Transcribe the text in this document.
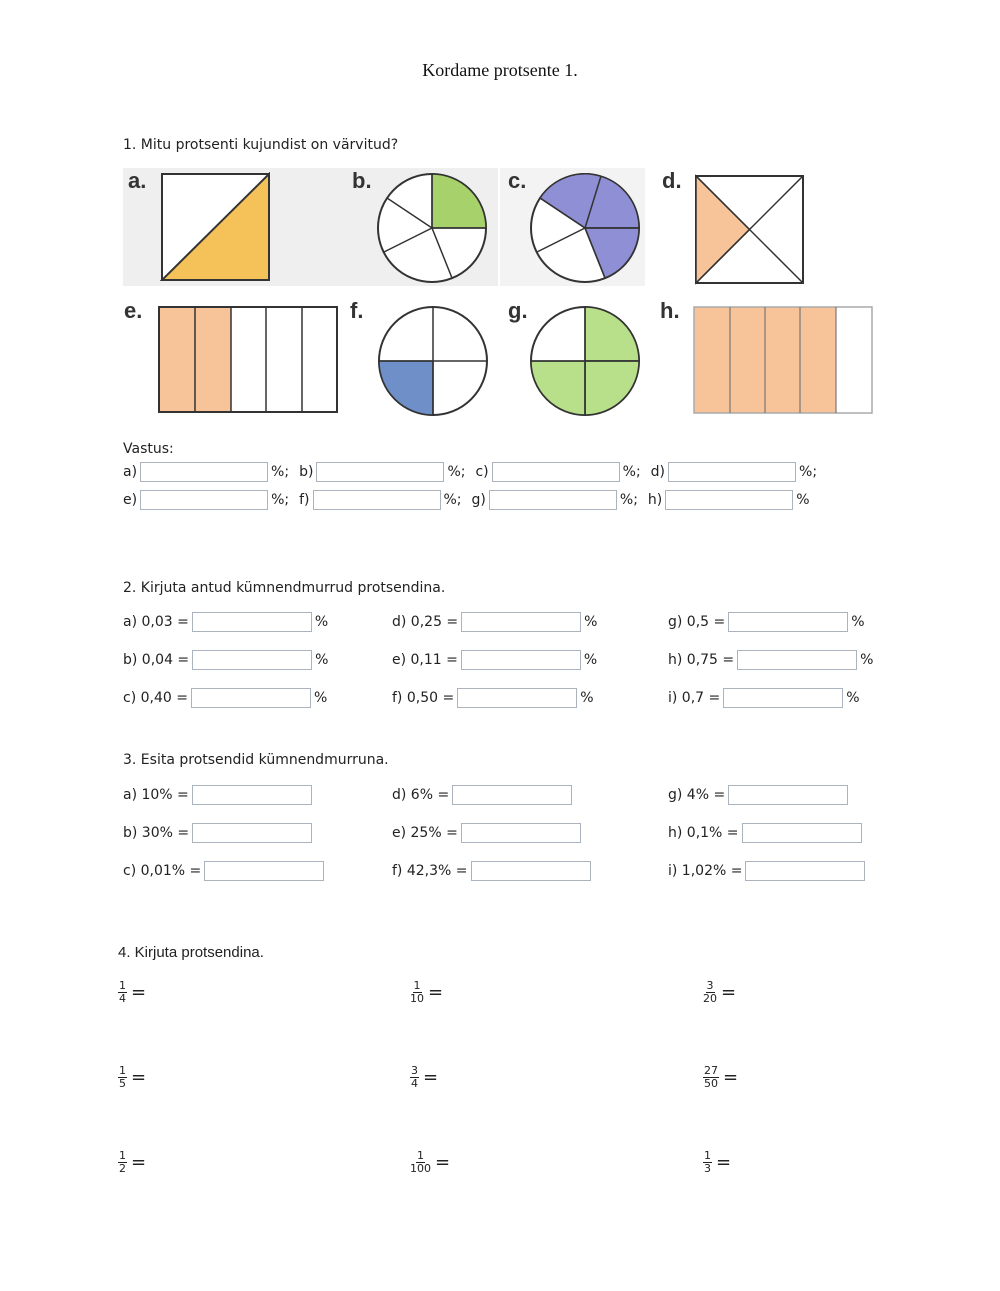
Kordame protsente 1.
1. Mitu protsenti kujundist on värvitud?
a.	b.	c.	d.
e.	f.	g.	h.
Vastus:
a)	%; b)	%; c)	%; d)	%;
e)	%; f)	%; g)	%; h)	%
2. Kirjuta antud kümnendmurrud protsendina.
a) 0,03 =	%	d) 0,25 =	%	g) 0,5 =	%
b) 0,04 =	%	e) 0,11 =	%	h) 0,75 =	%
c) 0,40 =	%	f) 0,50 =	%	i) 0,7 =	%
3. Esita protsendid kümnendmurruna.
a) 10% =	d) 6% =	g) 4% =
b) 30% =	e) 25% =	h) 0,1% =
c) 0,01% =	f) 42,3% =	i) 1,02% =
4. Kirjuta protsendina.
$\frac{1}{4}$ =	$\frac{1}{10}$ =	$\frac{3}{20}$ =
$\frac{1}{5}$ =	$\frac{3}{4}$ =	$\frac{27}{50}$ =
$\frac{1}{2}$ =	$\frac{1}{100}$ =	$\frac{1}{3}$ =
